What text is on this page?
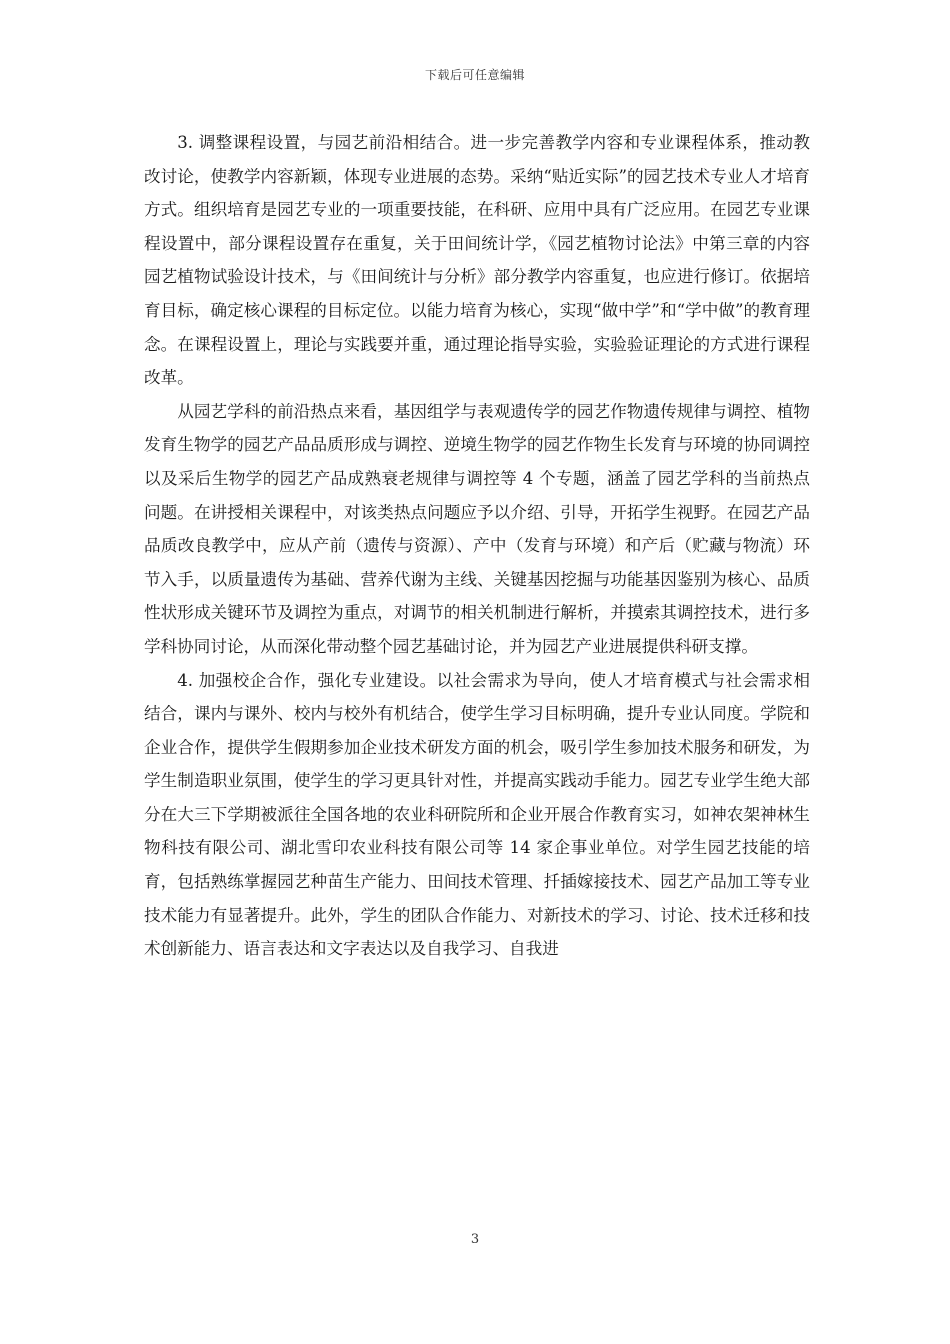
下载后可任意编辑

3. 调整课程设置，与园艺前沿相结合。进一步完善教学内容和专业课程体系，推动教改讨论，使教学内容新颖，体现专业进展的态势。采纳“贴近实际”的园艺技术专业人才培育方式。组织培育是园艺专业的一项重要技能，在科研、应用中具有广泛应用。在园艺专业课程设置中，部分课程设置存在重复，关于田间统计学，《园艺植物讨论法》中第三章的内容园艺植物试验设计技术，与《田间统计与分析》部分教学内容重复，也应进行修订。依据培育目标，确定核心课程的目标定位。以能力培育为核心，实现“做中学”和“学中做”的教育理念。在课程设置上，理论与实践要并重，通过理论指导实验，实验验证理论的方式进行课程改革。

从园艺学科的前沿热点来看，基因组学与表观遗传学的园艺作物遗传规律与调控、植物发育生物学的园艺产品品质形成与调控、逆境生物学的园艺作物生长发育与环境的协同调控以及采后生物学的园艺产品成熟衰老规律与调控等 4 个专题，涵盖了园艺学科的当前热点问题。在讲授相关课程中，对该类热点问题应予以介绍、引导，开拓学生视野。在园艺产品品质改良教学中，应从产前（遗传与资源）、产中（发育与环境）和产后（贮藏与物流）环节入手，以质量遗传为基础、营养代谢为主线、关键基因挖掘与功能基因鉴别为核心、品质性状形成关键环节及调控为重点，对调节的相关机制进行解析，并摸索其调控技术，进行多学科协同讨论，从而深化带动整个园艺基础讨论，并为园艺产业进展提供科研支撑。

4. 加强校企合作，强化专业建设。以社会需求为导向，使人才培育模式与社会需求相结合，课内与课外、校内与校外有机结合，使学生学习目标明确，提升专业认同度。学院和企业合作，提供学生假期参加企业技术研发方面的机会，吸引学生参加技术服务和研发，为学生制造职业氛围，使学生的学习更具针对性，并提高实践动手能力。园艺专业学生绝大部分在大三下学期被派往全国各地的农业科研院所和企业开展合作教育实习，如神农架神林生物科技有限公司、湖北雪印农业科技有限公司等 14 家企事业单位。对学生园艺技能的培育，包括熟练掌握园艺种苗生产能力、田间技术管理、扦插嫁接技术、园艺产品加工等专业技术能力有显著提升。此外，学生的团队合作能力、对新技术的学习、讨论、技术迁移和技术创新能力、语言表达和文字表达以及自我学习、自我进

3
